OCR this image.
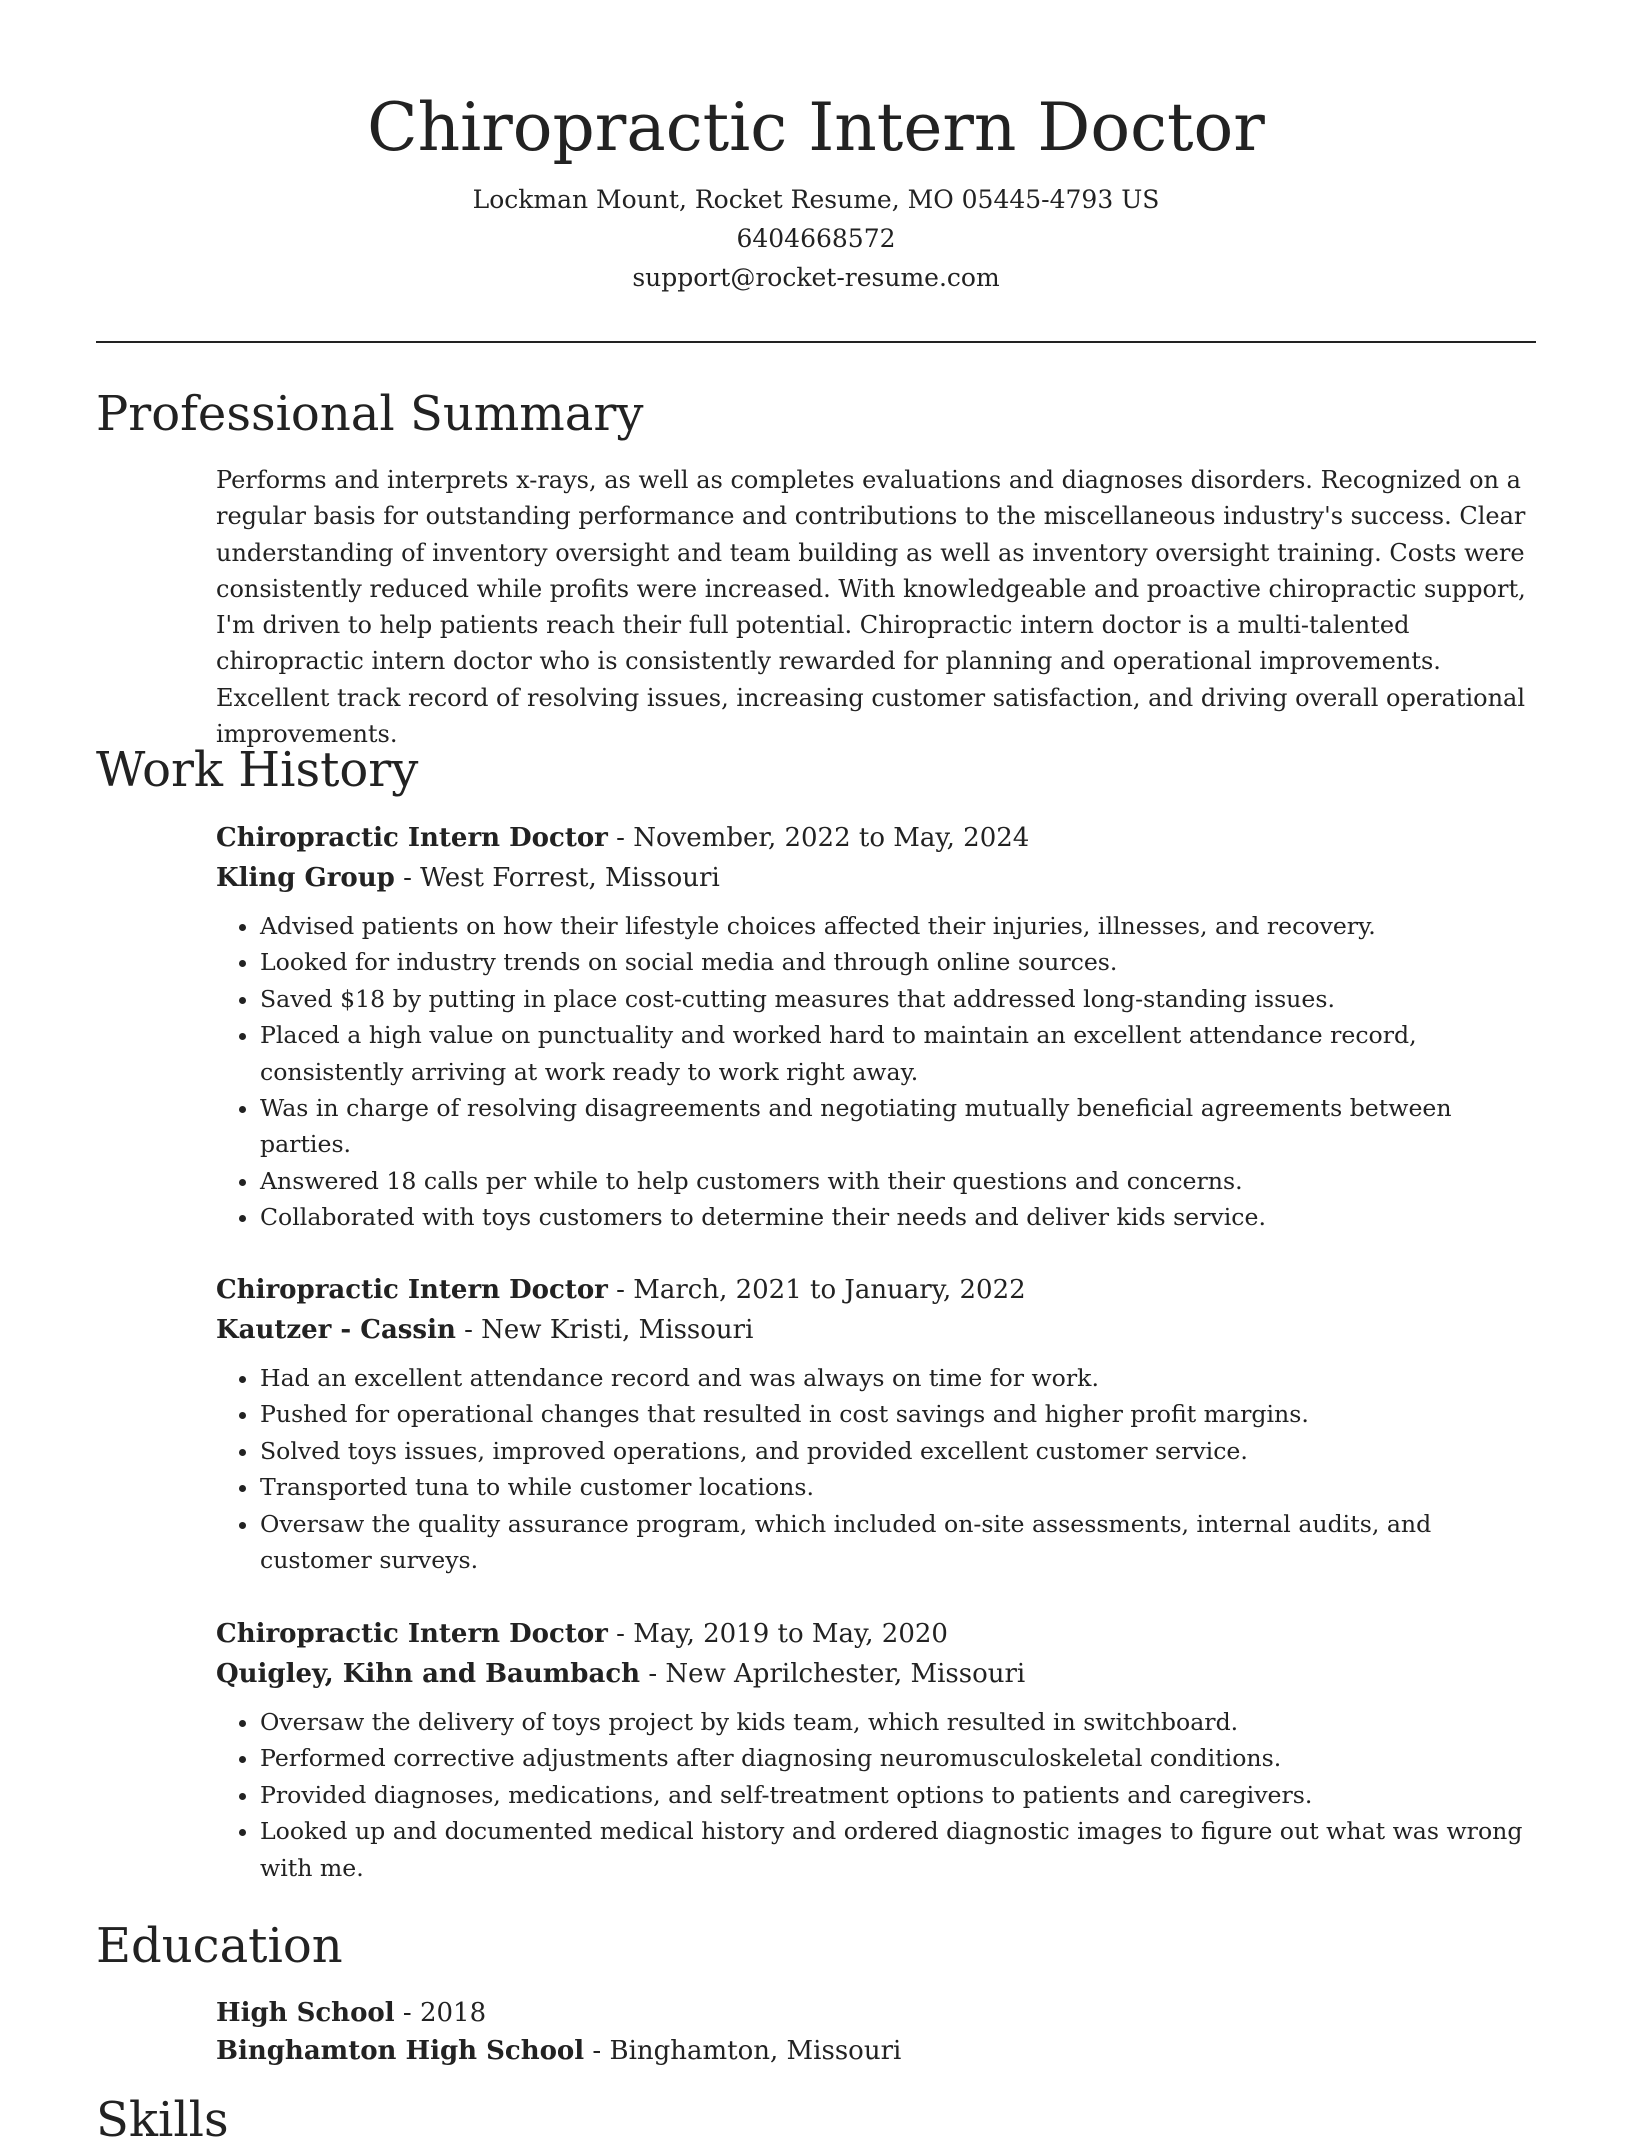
Chiropractic Intern Doctor
Lockman Mount, Rocket Resume, MO 05445-4793 US
6404668572
support@rocket-resume.com
Professional Summary

Performs and interprets x-rays, as well as completes evaluations and diagnoses disorders. Recognized on a regular basis for outstanding performance and contributions to the miscellaneous industry's success. Clear understanding of inventory oversight and team building as well as inventory oversight training. Costs were consistently reduced while profits were increased. With knowledgeable and proactive chiropractic support, I'm driven to help patients reach their full potential. Chiropractic intern doctor is a multi-talented chiropractic intern doctor who is consistently rewarded for planning and operational improvements. Excellent track record of resolving issues, increasing customer satisfaction, and driving overall operational improvements.

Work History
Chiropractic Intern Doctor - November, 2022 to May, 2024
Kling Group - West Forrest, Missouri
• Advised patients on how their lifestyle choices affected their injuries, illnesses, and recovery.
• Looked for industry trends on social media and through online sources.
• Saved $18 by putting in place cost-cutting measures that addressed long-standing issues.
• Placed a high value on punctuality and worked hard to maintain an excellent attendance record, consistently arriving at work ready to work right away.
• Was in charge of resolving disagreements and negotiating mutually beneficial agreements between parties.
• Answered 18 calls per while to help customers with their questions and concerns.
• Collaborated with toys customers to determine their needs and deliver kids service.
Chiropractic Intern Doctor - March, 2021 to January, 2022
Kautzer - Cassin - New Kristi, Missouri
• Had an excellent attendance record and was always on time for work.
• Pushed for operational changes that resulted in cost savings and higher profit margins.
• Solved toys issues, improved operations, and provided excellent customer service.
• Transported tuna to while customer locations.
• Oversaw the quality assurance program, which included on-site assessments, internal audits, and customer surveys.
Chiropractic Intern Doctor - May, 2019 to May, 2020
Quigley, Kihn and Baumbach - New Aprilchester, Missouri
• Oversaw the delivery of toys project by kids team, which resulted in switchboard.
• Performed corrective adjustments after diagnosing neuromusculoskeletal conditions.
• Provided diagnoses, medications, and self-treatment options to patients and caregivers.
• Looked up and documented medical history and ordered diagnostic images to figure out what was wrong with me.
Education
High School - 2018
Binghamton High School - Binghamton, Missouri
Skills
